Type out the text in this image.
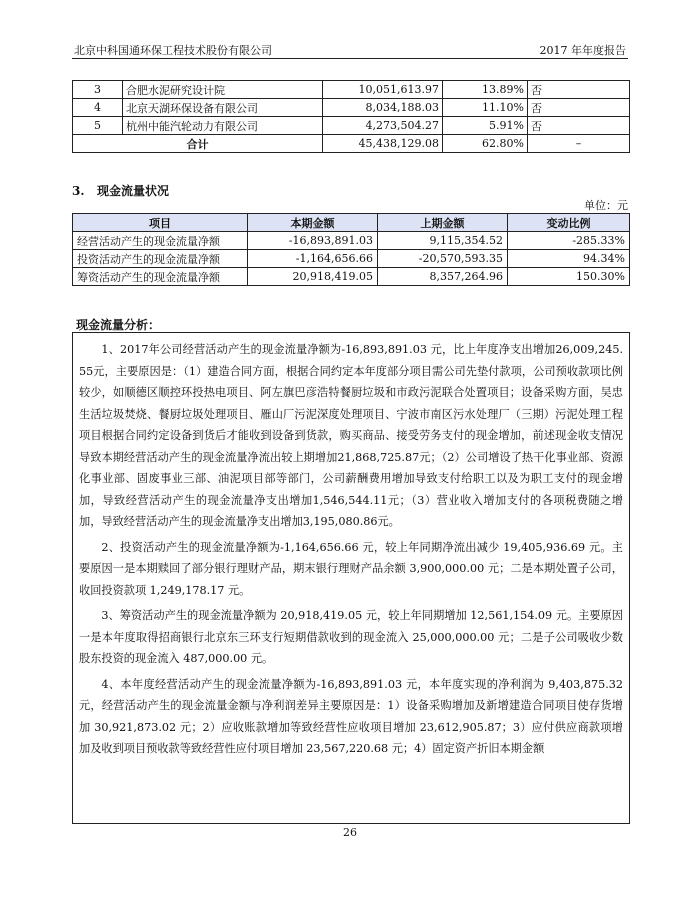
北京中科国通环保工程技术股份有限公司	2017 年年度报告
3	合肥水泥研究设计院	10,051,613.97	13.89%	否
4	北京天湖环保设备有限公司	8,034,188.03	11.10%	否
5	杭州中能汽轮动力有限公司	4,273,504.27	5.91%	否
合计		45,438,129.08	62.80%	–
3.   现金流量状况
单位：元
项目	本期金额	上期金额	变动比例
经营活动产生的现金流量净额	-16,893,891.03	9,115,354.52	-285.33%
投资活动产生的现金流量净额	-1,164,656.66	-20,570,593.35	94.34%
筹资活动产生的现金流量净额	20,918,419.05	8,357,264.96	150.30%
现金流量分析：

1、2017年公司经营活动产生的现金流量净额为-16,893,891.03 元，比上年度净支出增加26,009,245.55元，主要原因是：（1）建造合同方面，根据合同约定本年度部分项目需公司先垫付款项，公司预收款项比例较少，如顺德区顺控环投热电项目、阿左旗巴彦浩特餐厨垃圾和市政污泥联合处置项目；设备采购方面，吴忠生活垃圾焚烧、餐厨垃圾处理项目、雁山厂污泥深度处理项目、宁波市南区污水处理厂（三期）污泥处理工程项目根据合同约定设备到货后才能收到设备到货款，购买商品、接受劳务支付的现金增加，前述现金收支情况导致本期经营活动产生的现金流量净流出较上期增加21,868,725.87元；（2）公司增设了热干化事业部、资源化事业部、固废事业三部、油泥项目部等部门，公司薪酬费用增加导致支付给职工以及为职工支付的现金增加，导致经营活动产生的现金流量净支出增加1,546,544.11元；（3）营业收入增加支付的各项税费随之增加，导致经营活动产生的现金流量净支出增加3,195,080.86元。

2、投资活动产生的现金流量净额为-1,164,656.66 元，较上年同期净流出减少 19,405,936.69 元。主要原因一是本期赎回了部分银行理财产品，期末银行理财产品余额 3,900,000.00 元；二是本期处置子公司，收回投资款项 1,249,178.17 元。

3、筹资活动产生的现金流量净额为 20,918,419.05 元，较上年同期增加 12,561,154.09 元。主要原因一是本年度取得招商银行北京东三环支行短期借款收到的现金流入 25,000,000.00 元；二是子公司吸收少数股东投资的现金流入 487,000.00 元。

4、本年度经营活动产生的现金流量净额为-16,893,891.03 元，本年度实现的净利润为 9,403,875.32 元，经营活动产生的现金流量金额与净利润差异主要原因是：1）设备采购增加及新增建造合同项目使存货增加 30,921,873.02 元；2）应收账款增加等致经营性应收项目增加 23,612,905.87；3）应付供应商款项增加及收到项目预收款等致经营性应付项目增加 23,567,220.68 元；4）固定资产折旧本期金额

26
